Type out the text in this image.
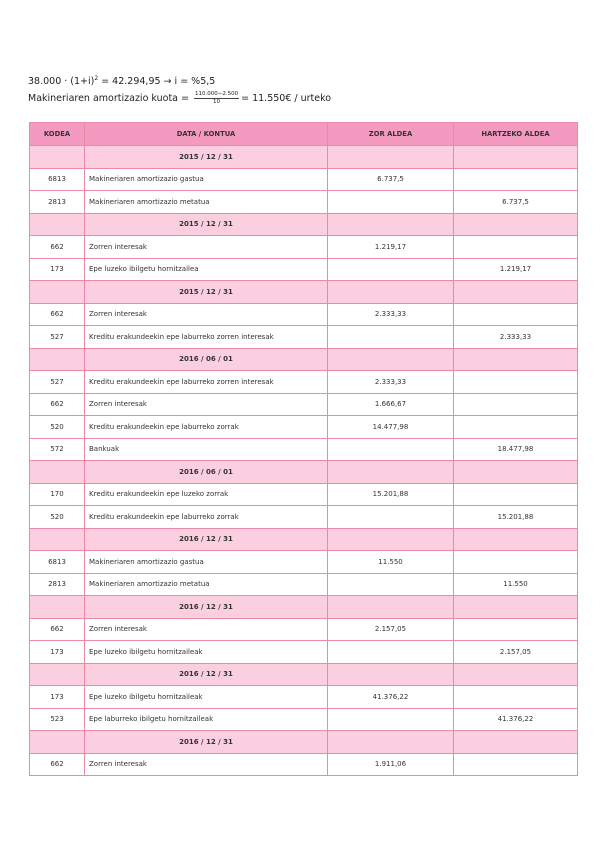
$38.000 \cdot (1+i)^2 = 42.294,95 \to i = \%5,5$
Makineriaren amortizazio kuota = $\frac{110.000-2.500}{10}$ = 11.550€ / urteko
KODEA	DATA / KONTUA	ZOR ALDEA	HARTZEKO ALDEA
	2015 / 12 / 31		
6813	Makineriaren amortizazio gastua	6.737,5	
2813	Makineriaren amortizazio metatua		6.737,5
	2015 / 12 / 31		
662	Zorren interesak	1.219,17	
173	Epe luzeko ibilgetu hornitzailea		1.219,17
	2015 / 12 / 31		
662	Zorren interesak	2.333,33	
527	Kreditu erakundeekin epe laburreko zorren interesak		2.333,33
	2016 / 06 / 01		
527	Kreditu erakundeekin epe laburreko zorren interesak	2.333,33	
662	Zorren interesak	1.666,67	
520	Kreditu erakundeekin epe laburreko zorrak	14.477,98	
572	Bankuak		18.477,98
	2016 / 06 / 01		
170	Kreditu erakundeekin epe luzeko zorrak	15.201,88	
520	Kreditu erakundeekin epe laburreko zorrak		15.201,88
	2016 / 12 / 31		
6813	Makineriaren amortizazio gastua	11.550	
2813	Makineriaren amortizazio metatua		11.550
	2016 / 12 / 31		
662	Zorren interesak	2.157,05	
173	Epe luzeko ibilgetu hornitzaileak		2.157,05
	2016 / 12 / 31		
173	Epe luzeko ibilgetu hornitzaileak	41.376,22	
523	Epe laburreko ibilgetu hornitzaileak		41.376,22
	2016 / 12 / 31		
662	Zorren interesak	1.911,06	
